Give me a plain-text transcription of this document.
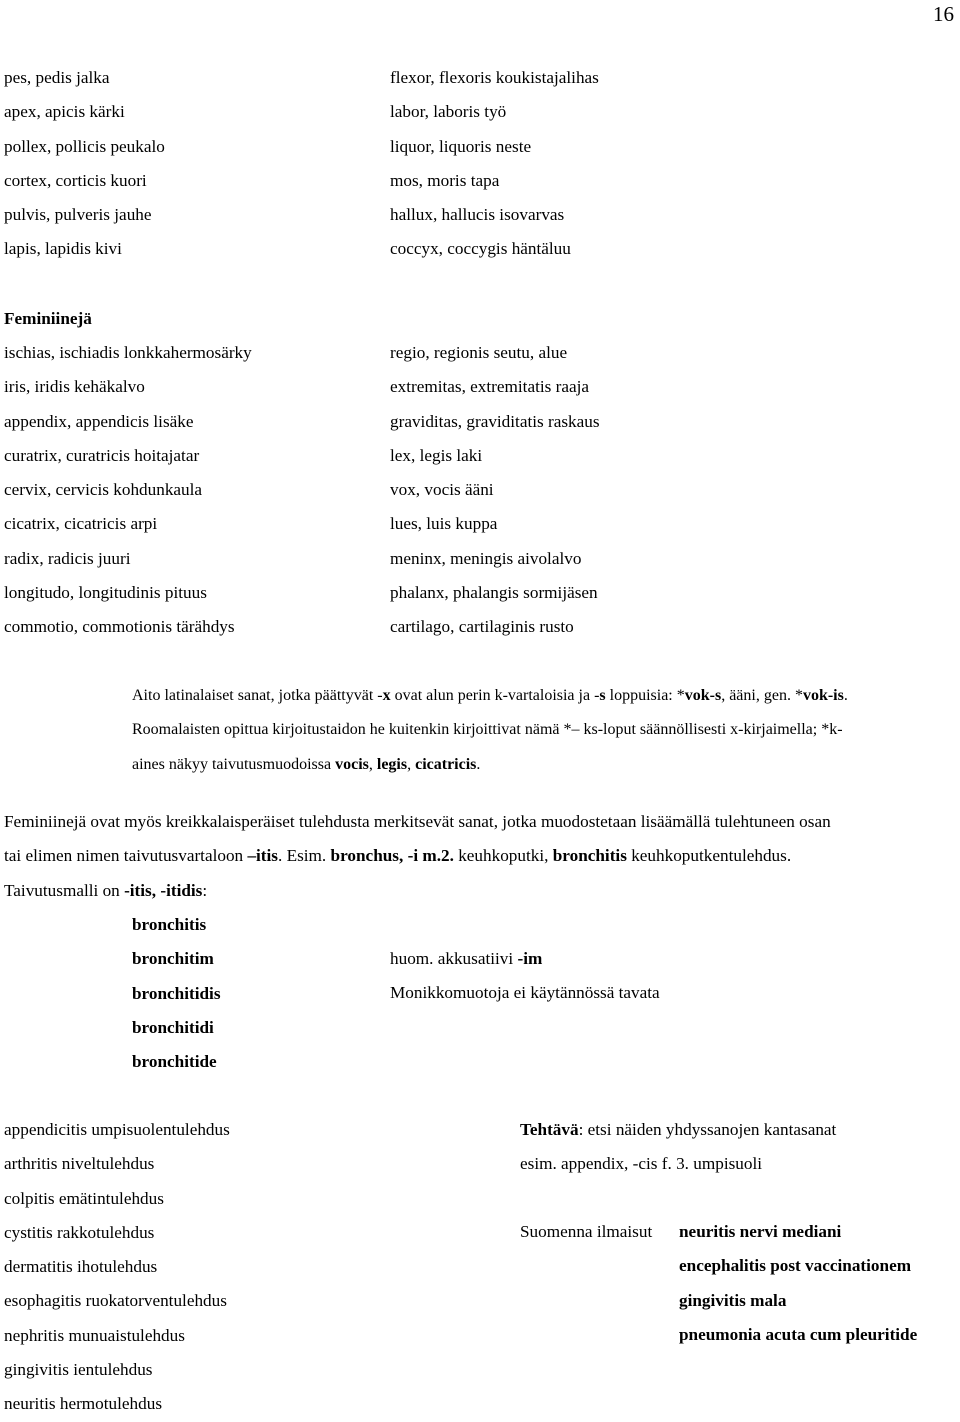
16
pes, pedis jalka
apex, apicis kärki
pollex, pollicis peukalo
cortex, corticis kuori
pulvis, pulveris jauhe
lapis, lapidis kivi
flexor, flexoris koukistajalihas
labor, laboris työ
liquor, liquoris neste
mos, moris tapa
hallux, hallucis isovarvas
coccyx, coccygis häntäluu
Feminiinejä
ischias, ischiadis lonkkahermosärky
iris, iridis kehäkalvo
appendix, appendicis lisäke
curatrix, curatricis hoitajatar
cervix, cervicis kohdunkaula
cicatrix, cicatricis arpi
radix, radicis juuri
longitudo, longitudinis pituus
commotio, commotionis tärähdys
regio, regionis seutu, alue
extremitas, extremitatis raaja
graviditas, graviditatis raskaus
lex, legis laki
vox, vocis ääni
lues, luis kuppa
meninx, meningis aivolalvo
phalanx, phalangis sormijäsen
cartilago, cartilaginis rusto
Aito latinalaiset sanat, jotka päättyvät -x ovat alun perin k-vartaloisia ja -s loppuisia: *vok-s, ääni, gen. *vok-is.
Roomalaisten opittua kirjoitustaidon he kuitenkin kirjoittivat nämä *– ks-loput säännöllisesti x-kirjaimella; *k-
aines näkyy taivutusmuodoissa vocis, legis, cicatricis.
Feminiinejä ovat myös kreikkalaisperäiset tulehdusta merkitsevät sanat, jotka muodostetaan lisäämällä tulehtuneen osan
tai elimen nimen taivutusvartaloon –itis. Esim. bronchus, -i m.2. keuhkoputki, bronchitis keuhkoputkentulehdus.
Taivutusmalli on -itis, -itidis:
bronchitis
bronchitim
bronchitidis
bronchitidi
bronchitide
huom. akkusatiivi -im
Monikkomuotoja ei käytännössä tavata
appendicitis umpisuolentulehdus
arthritis niveltulehdus
colpitis emätintulehdus
cystitis rakkotulehdus
dermatitis ihotulehdus
esophagitis ruokatorventulehdus
nephritis munuaistulehdus
gingivitis ientulehdus
neuritis hermotulehdus
Tehtävä: etsi näiden yhdyssanojen kantasanat
esim. appendix, -cis f. 3. umpisuoli
Suomenna ilmaisut neuritis nervi mediani
encephalitis post vaccinationem
gingivitis mala
pneumonia acuta cum pleuritide
